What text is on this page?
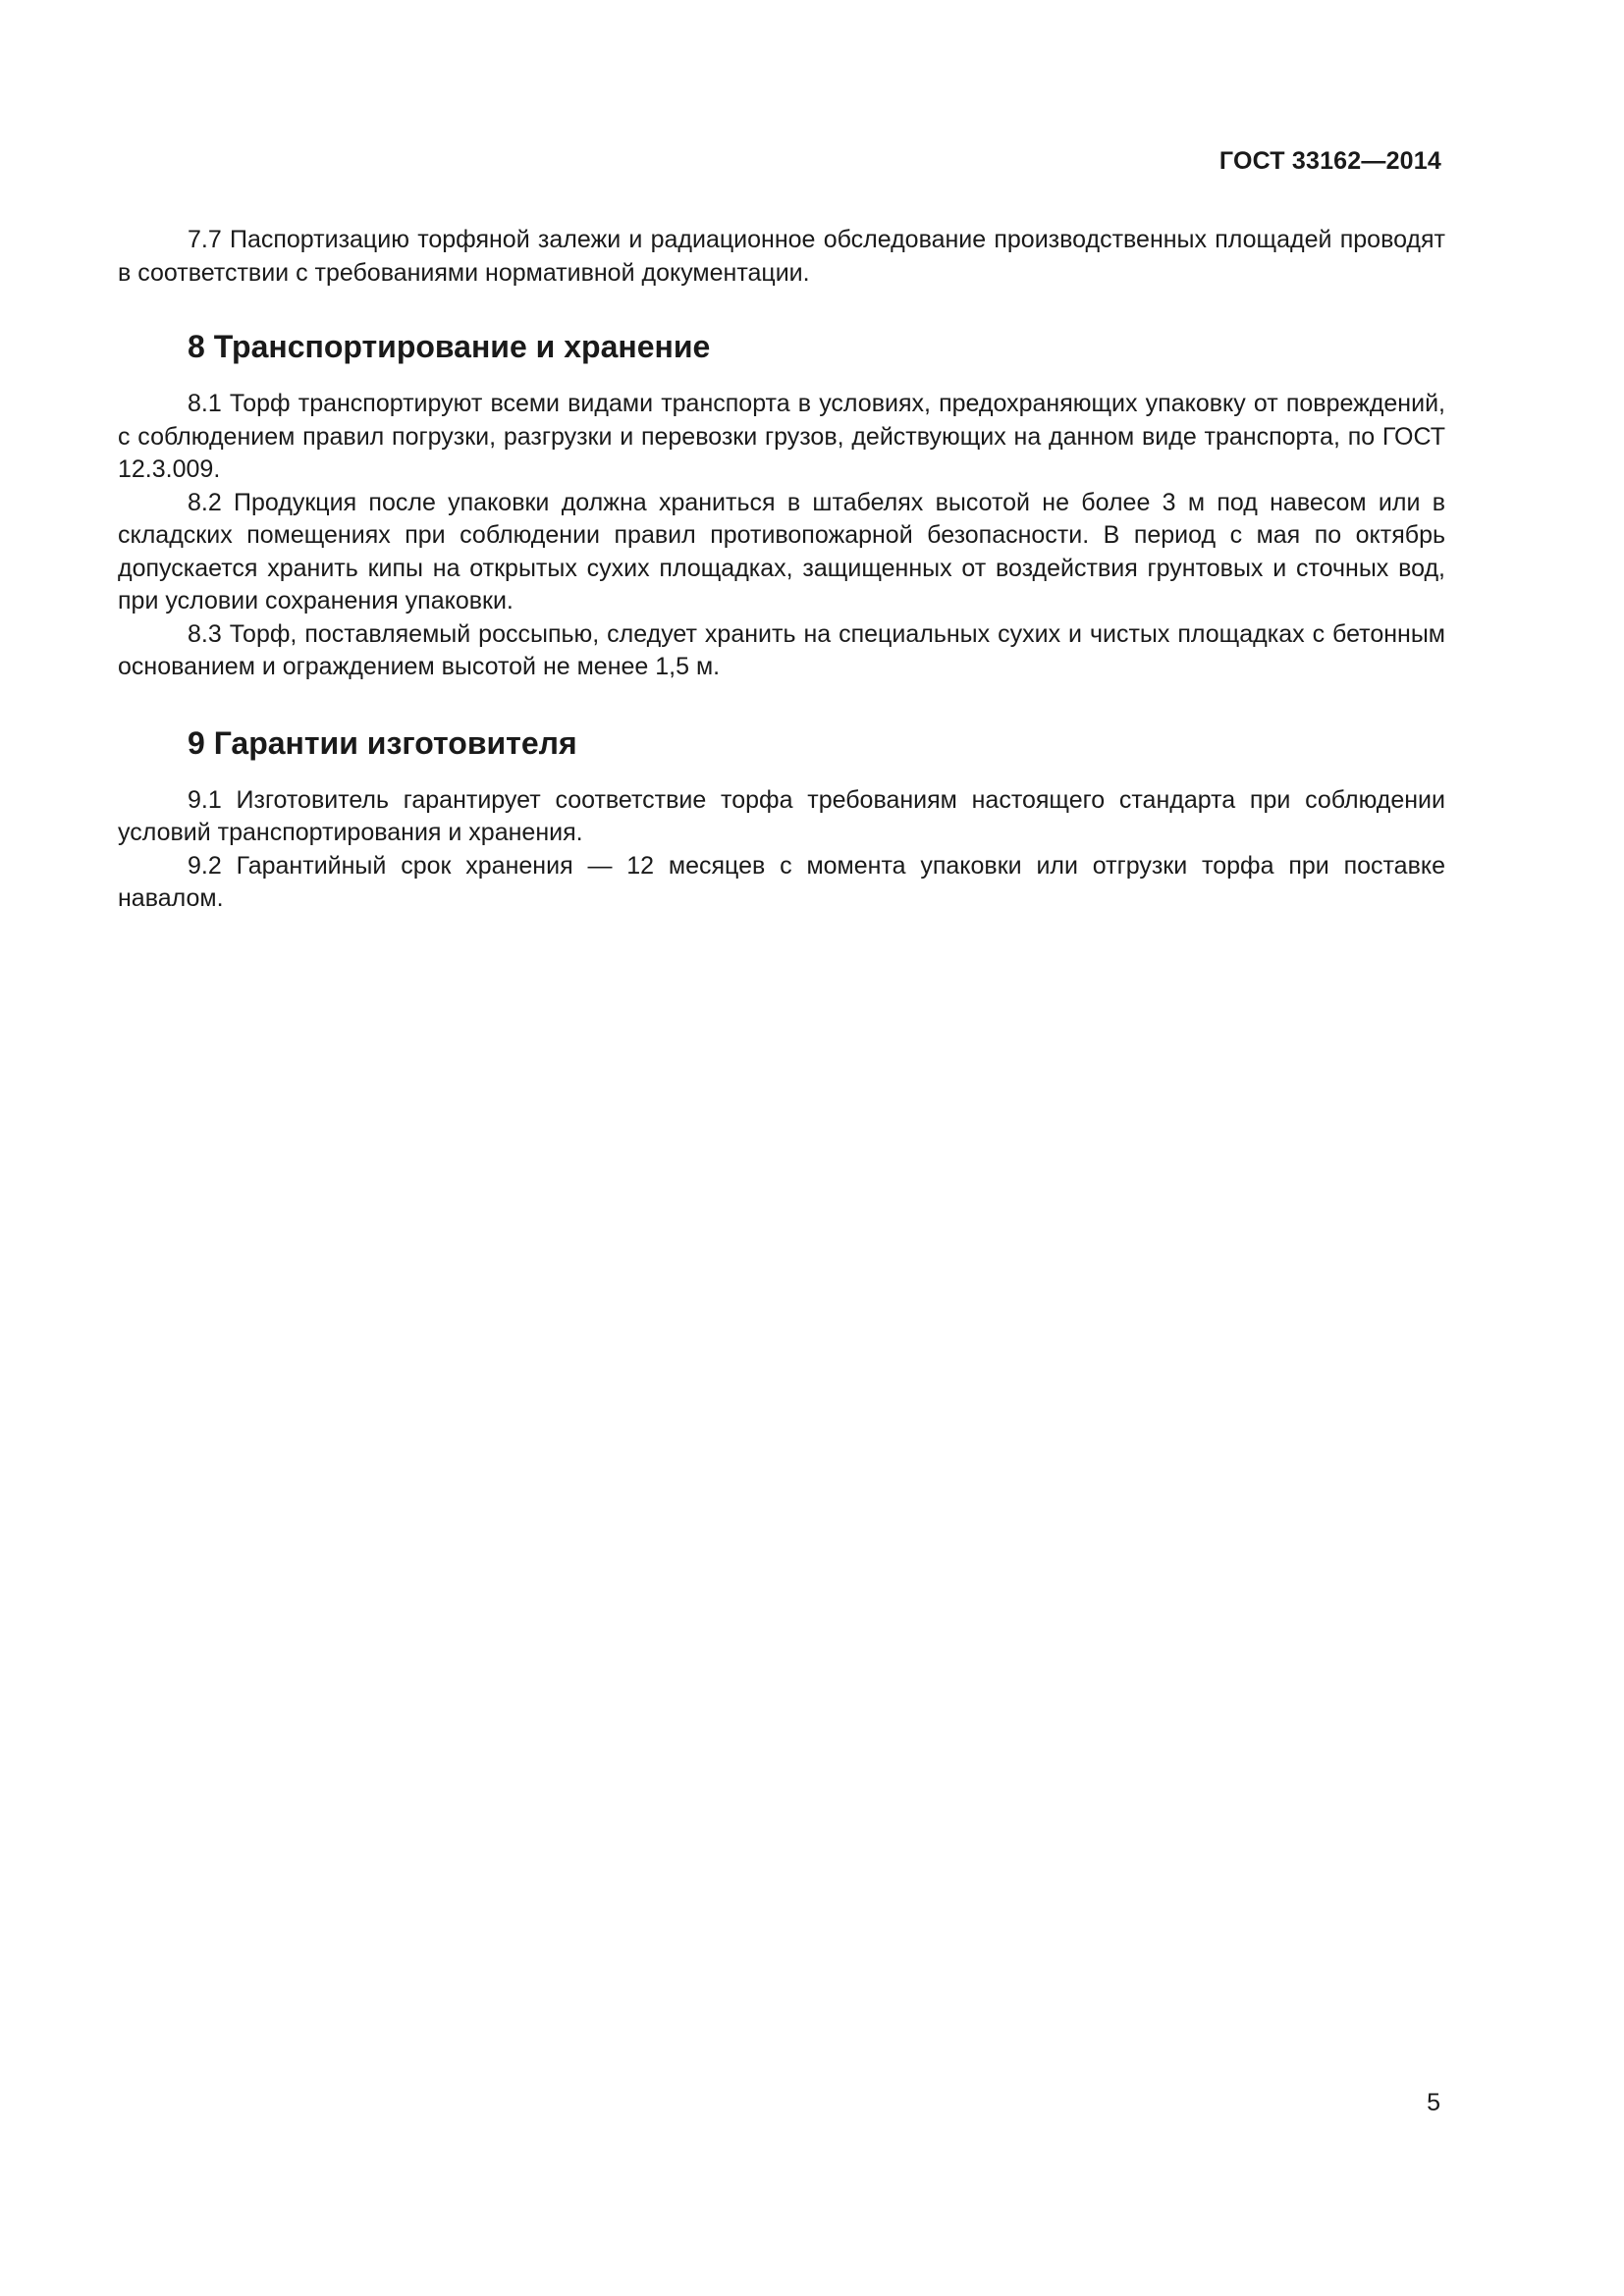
ГОСТ 33162—2014

7.7 Паспортизацию торфяной залежи и радиационное обследование производственных площадей проводят в соответствии с требованиями нормативной документации.

8 Транспортирование и хранение

8.1 Торф транспортируют всеми видами транспорта в условиях, предохраняющих упаковку от повреждений, с соблюдением правил погрузки, разгрузки и перевозки грузов, действующих на данном виде транспорта, по ГОСТ 12.3.009.

8.2 Продукция после упаковки должна храниться в штабелях высотой не более 3 м под навесом или в складских помещениях при соблюдении правил противопожарной безопасности. В период с мая по октябрь допускается хранить кипы на открытых сухих площадках, защищенных от воздействия грунтовых и сточных вод, при условии сохранения упаковки.

8.3 Торф, поставляемый россыпью, следует хранить на специальных сухих и чистых площадках с бетонным основанием и ограждением высотой не менее 1,5 м.

9 Гарантии изготовителя

9.1 Изготовитель гарантирует соответствие торфа требованиям настоящего стандарта при соблюдении условий транспортирования и хранения.

9.2 Гарантийный срок хранения — 12 месяцев с момента упаковки или отгрузки торфа при поставке навалом.

5
